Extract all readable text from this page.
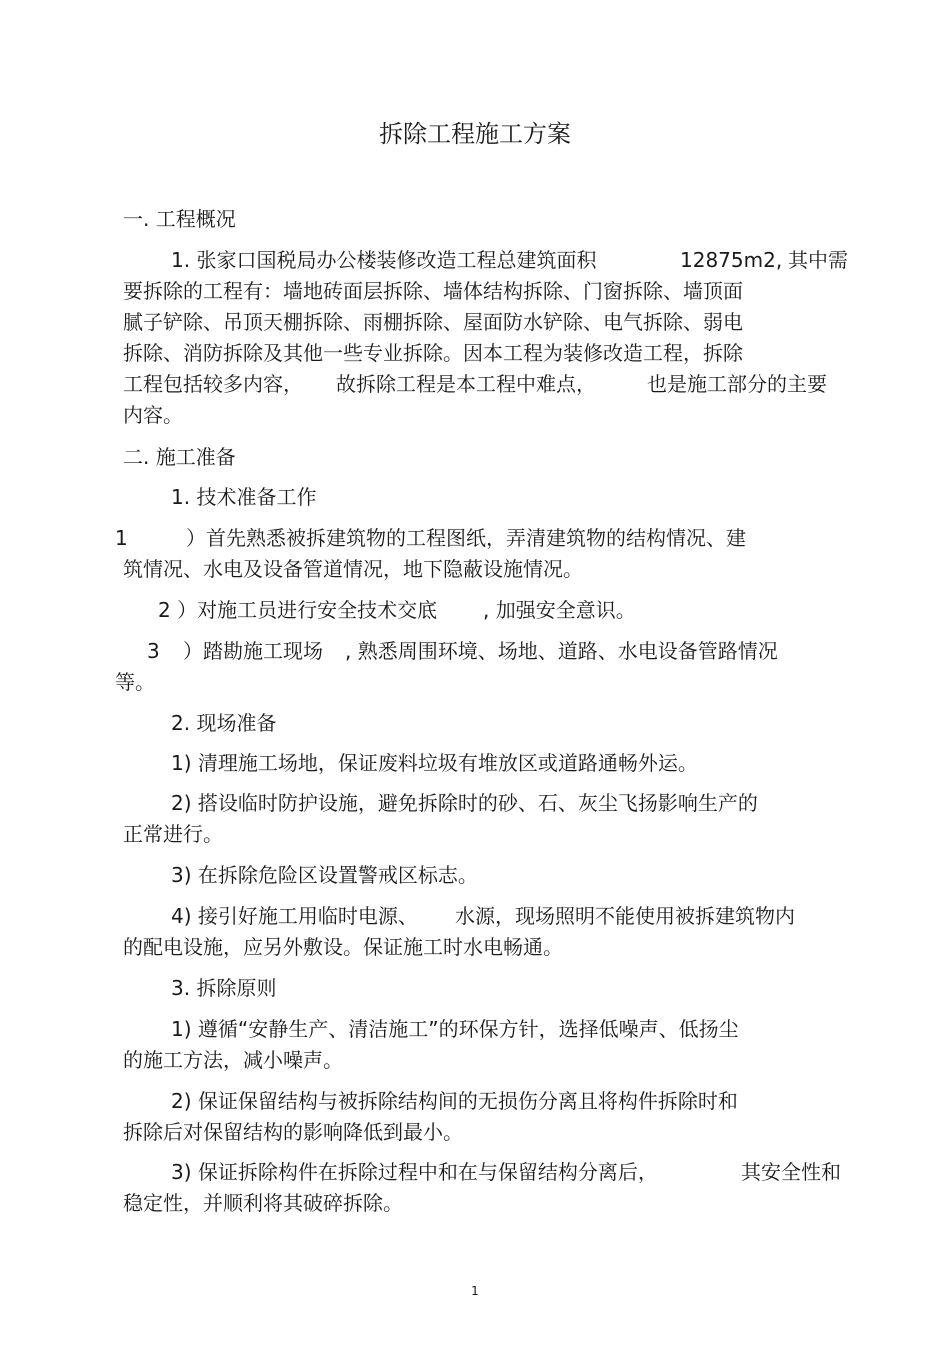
拆除工程施工方案
一. 工程概况
1. 张家口国税局办公楼装修改造工程总建筑面积	12875m2, 其中需
要拆除的工程有：墙地砖面层拆除、墙体结构拆除、门窗拆除、墙顶面
腻子铲除、吊顶天棚拆除、雨棚拆除、屋面防水铲除、电气拆除、弱电
拆除、消防拆除及其他一些专业拆除。因本工程为装修改造工程，拆除
工程包括较多内容， 故拆除工程是本工程中难点，	也是施工部分的主要
内容。
二. 施工准备
1. 技术准备工作
1	）首先熟悉被拆建筑物的工程图纸，弄清建筑物的结构情况、建
筑情况、水电及设备管道情况，地下隐蔽设施情况。
2 ）对施工员进行安全技术交底 , 加强安全意识。
3 ）踏勘施工现场 , 熟悉周围环境、场地、道路、水电设备管路情况
等。
2. 现场准备
1) 清理施工场地，保证废料垃圾有堆放区或道路通畅外运。
2) 搭设临时防护设施，避免拆除时的砂、石、灰尘飞扬影响生产的
正常进行。
3) 在拆除危险区设置警戒区标志。
4) 接引好施工用临时电源、 水源，现场照明不能使用被拆建筑物内
的配电设施，应另外敷设。保证施工时水电畅通。
3. 拆除原则
1) 遵循“安静生产、清洁施工”的环保方针，选择低噪声、低扬尘
的施工方法，减小噪声。
2) 保证保留结构与被拆除结构间的无损伤分离且将构件拆除时和
拆除后对保留结构的影响降低到最小。
3) 保证拆除构件在拆除过程中和在与保留结构分离后，	其安全性和
稳定性，并顺利将其破碎拆除。
1
